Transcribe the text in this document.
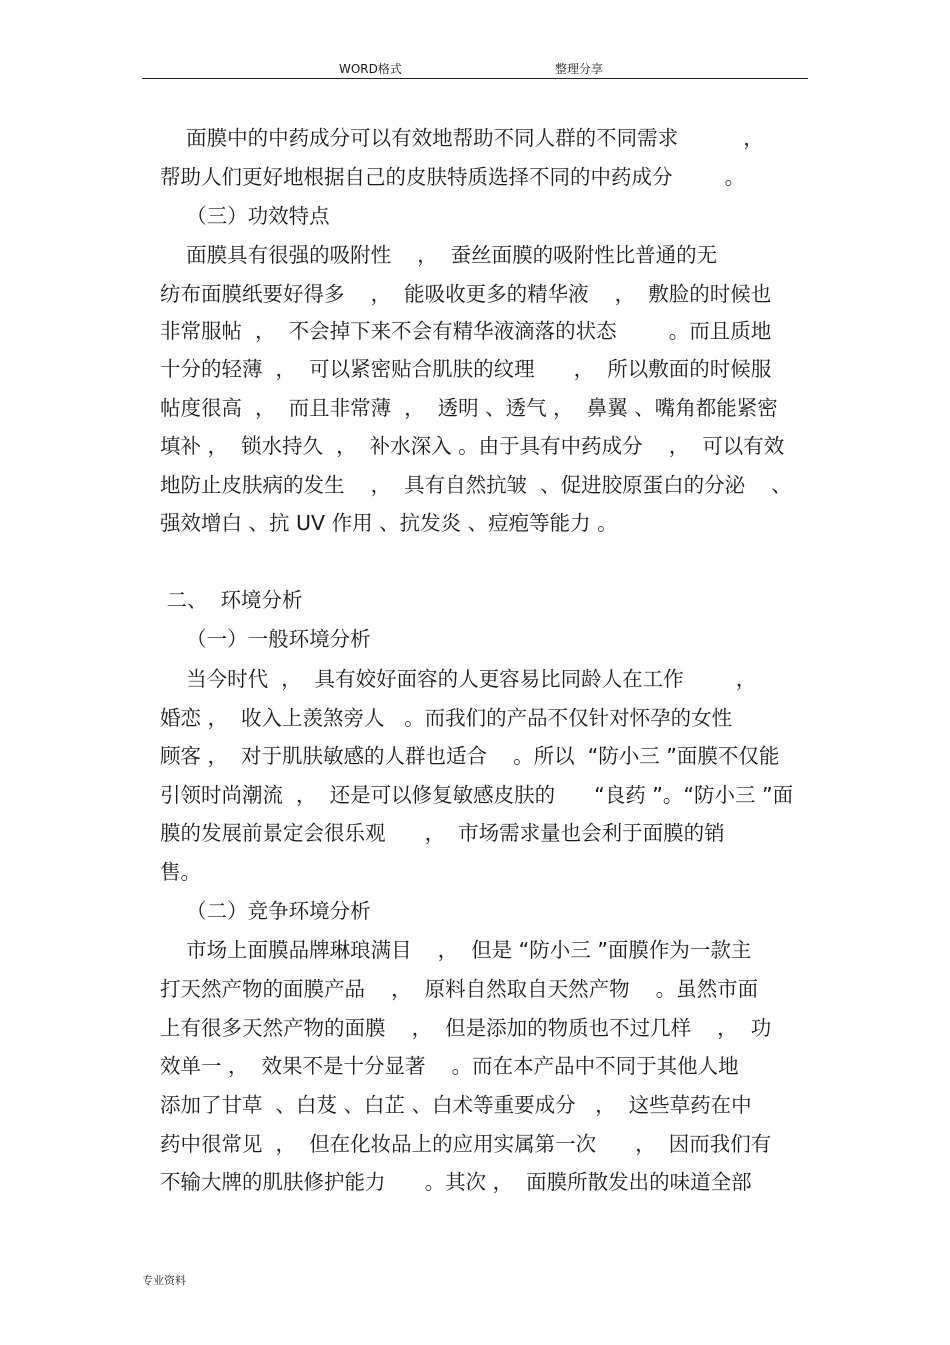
WORD格式	整理分享
面膜中的中药成分可以有效地帮助不同人群的不同需求          ，
帮助人们更好地根据自己的皮肤特质选择不同的中药成分        。
（三）功效特点
面膜具有很强的吸附性    ，  蚕丝面膜的吸附性比普通的无
纺布面膜纸要好得多    ，  能吸收更多的精华液    ，  敷脸的时候也
非常服帖  ，  不会掉下来不会有精华液滴落的状态        。而且质地
十分的轻薄  ，  可以紧密贴合肌肤的纹理      ，  所以敷面的时候服
帖度很高  ，  而且非常薄  ，  透明 、透气 ，  鼻翼 、嘴角都能紧密
填补 ，  锁水持久  ，  补水深入 。由于具有中药成分    ，  可以有效
地防止皮肤病的发生    ，  具有自然抗皱  、促进胶原蛋白的分泌    、
强效增白 、抗 UV 作用 、抗发炎 、痘疱等能力 。
二、  环境分析
（一）一般环境分析
当今时代  ，  具有姣好面容的人更容易比同龄人在工作        ，
婚恋 ，  收入上羡煞旁人   。而我们的产品不仅针对怀孕的女性
顾客 ，  对于肌肤敏感的人群也适合    。所以  “防小三 ”面膜不仅能
引领时尚潮流  ，  还是可以修复敏感皮肤的      “良药 ”。“防小三 ”面
膜的发展前景定会很乐观      ，  市场需求量也会利于面膜的销
售。
（二）竞争环境分析
市场上面膜品牌琳琅满目    ，  但是 “防小三 ”面膜作为一款主
打天然产物的面膜产品    ，  原料自然取自天然产物    。虽然市面
上有很多天然产物的面膜    ，  但是添加的物质也不过几样    ，  功
效单一 ，  效果不是十分显著    。而在本产品中不同于其他人地
添加了甘草  、白芨 、白芷 、白术等重要成分   ，  这些草药在中
药中很常见  ，  但在化妆品上的应用实属第一次      ，  因而我们有
不输大牌的肌肤修护能力      。其次 ，  面膜所散发出的味道全部
专业资料
